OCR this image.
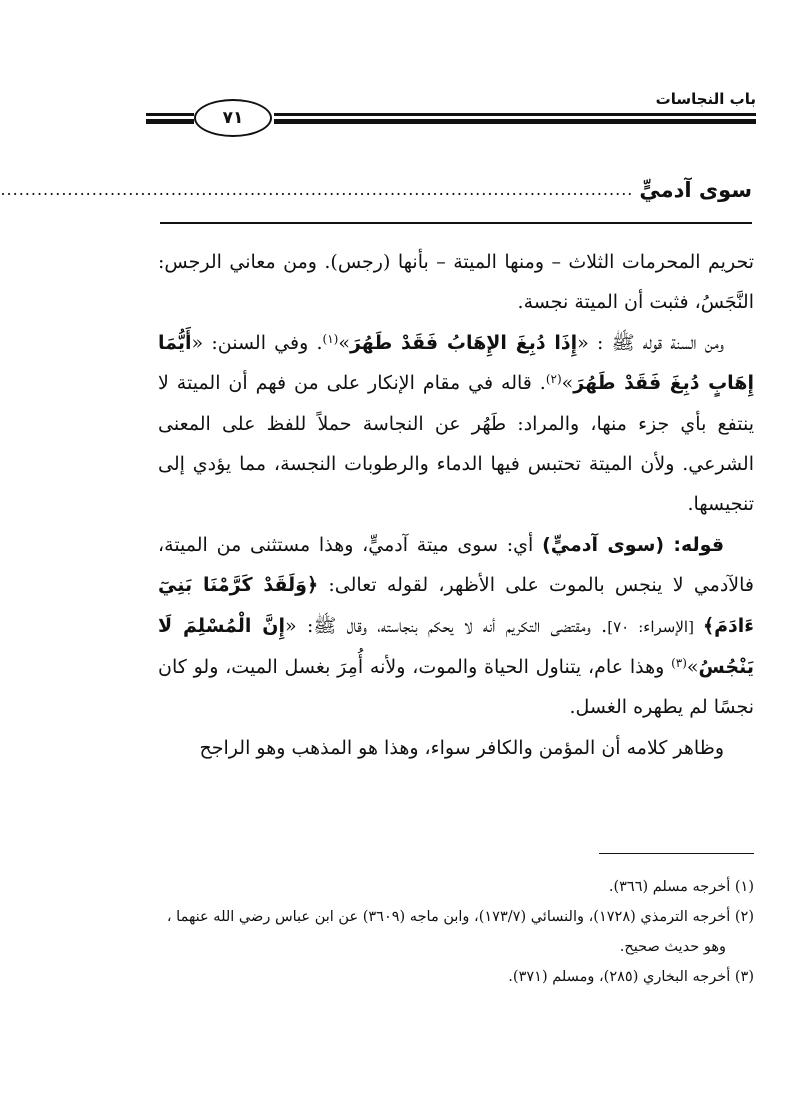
باب النجاسات
٧١
سوى آدميٍّ
........................................................................................................

تحريم المحرمات الثلاث – ومنها الميتة – بأنها (رجس). ومن معاني الرجس: النَّجَسُ، فثبت أن الميتة نجسة.

ومن السنة قوله ﷺ : «إِذَا دُبِغَ الإِهَابُ فَقَدْ طَهُرَ»$^{(١)}$. وفي السنن: «أَيُّمَا إِهَابٍ دُبِغَ فَقَدْ طَهُرَ»$^{(٢)}$. قاله في مقام الإنكار على من فهم أن الميتة لا ينتفع بأي جزء منها، والمراد: طَهُر عن النجاسة حملاً للفظ على المعنى الشرعي. ولأن الميتة تحتبس فيها الدماء والرطوبات النجسة، مما يؤدي إلى تنجيسها.

قوله: (سوى آدميٍّ) أي: سوى ميتة آدميٍّ، وهذا مستثنى من الميتة، فالآدمي لا ينجس بالموت على الأظهر، لقوله تعالى: ﴿وَلَقَدْ كَرَّمْنَا بَنِيٓ ءَادَمَ﴾ [الإسراء: ٧٠]. ومقتضى التكريم أنه لا يحكم بنجاسته، وقال ﷺ: «إِنَّ الْمُسْلِمَ لَا يَنْجُسُ»$^{(٣)}$ وهذا عام، يتناول الحياة والموت، ولأنه أُمِرَ بغسل الميت، ولو كان نجسًا لم يطهره الغسل.

وظاهر كلامه أن المؤمن والكافر سواء، وهذا هو المذهب وهو الراجح

(١) أخرجه مسلم (٣٦٦).

(٢) أخرجه الترمذي (١٧٢٨)، والنسائي (١٧٣/٧)، وابن ماجه (٣٦٠٩) عن ابن عباس رضي الله عنهما ،

وهو حديث صحيح.

(٣) أخرجه البخاري (٢٨٥)، ومسلم (٣٧١).
